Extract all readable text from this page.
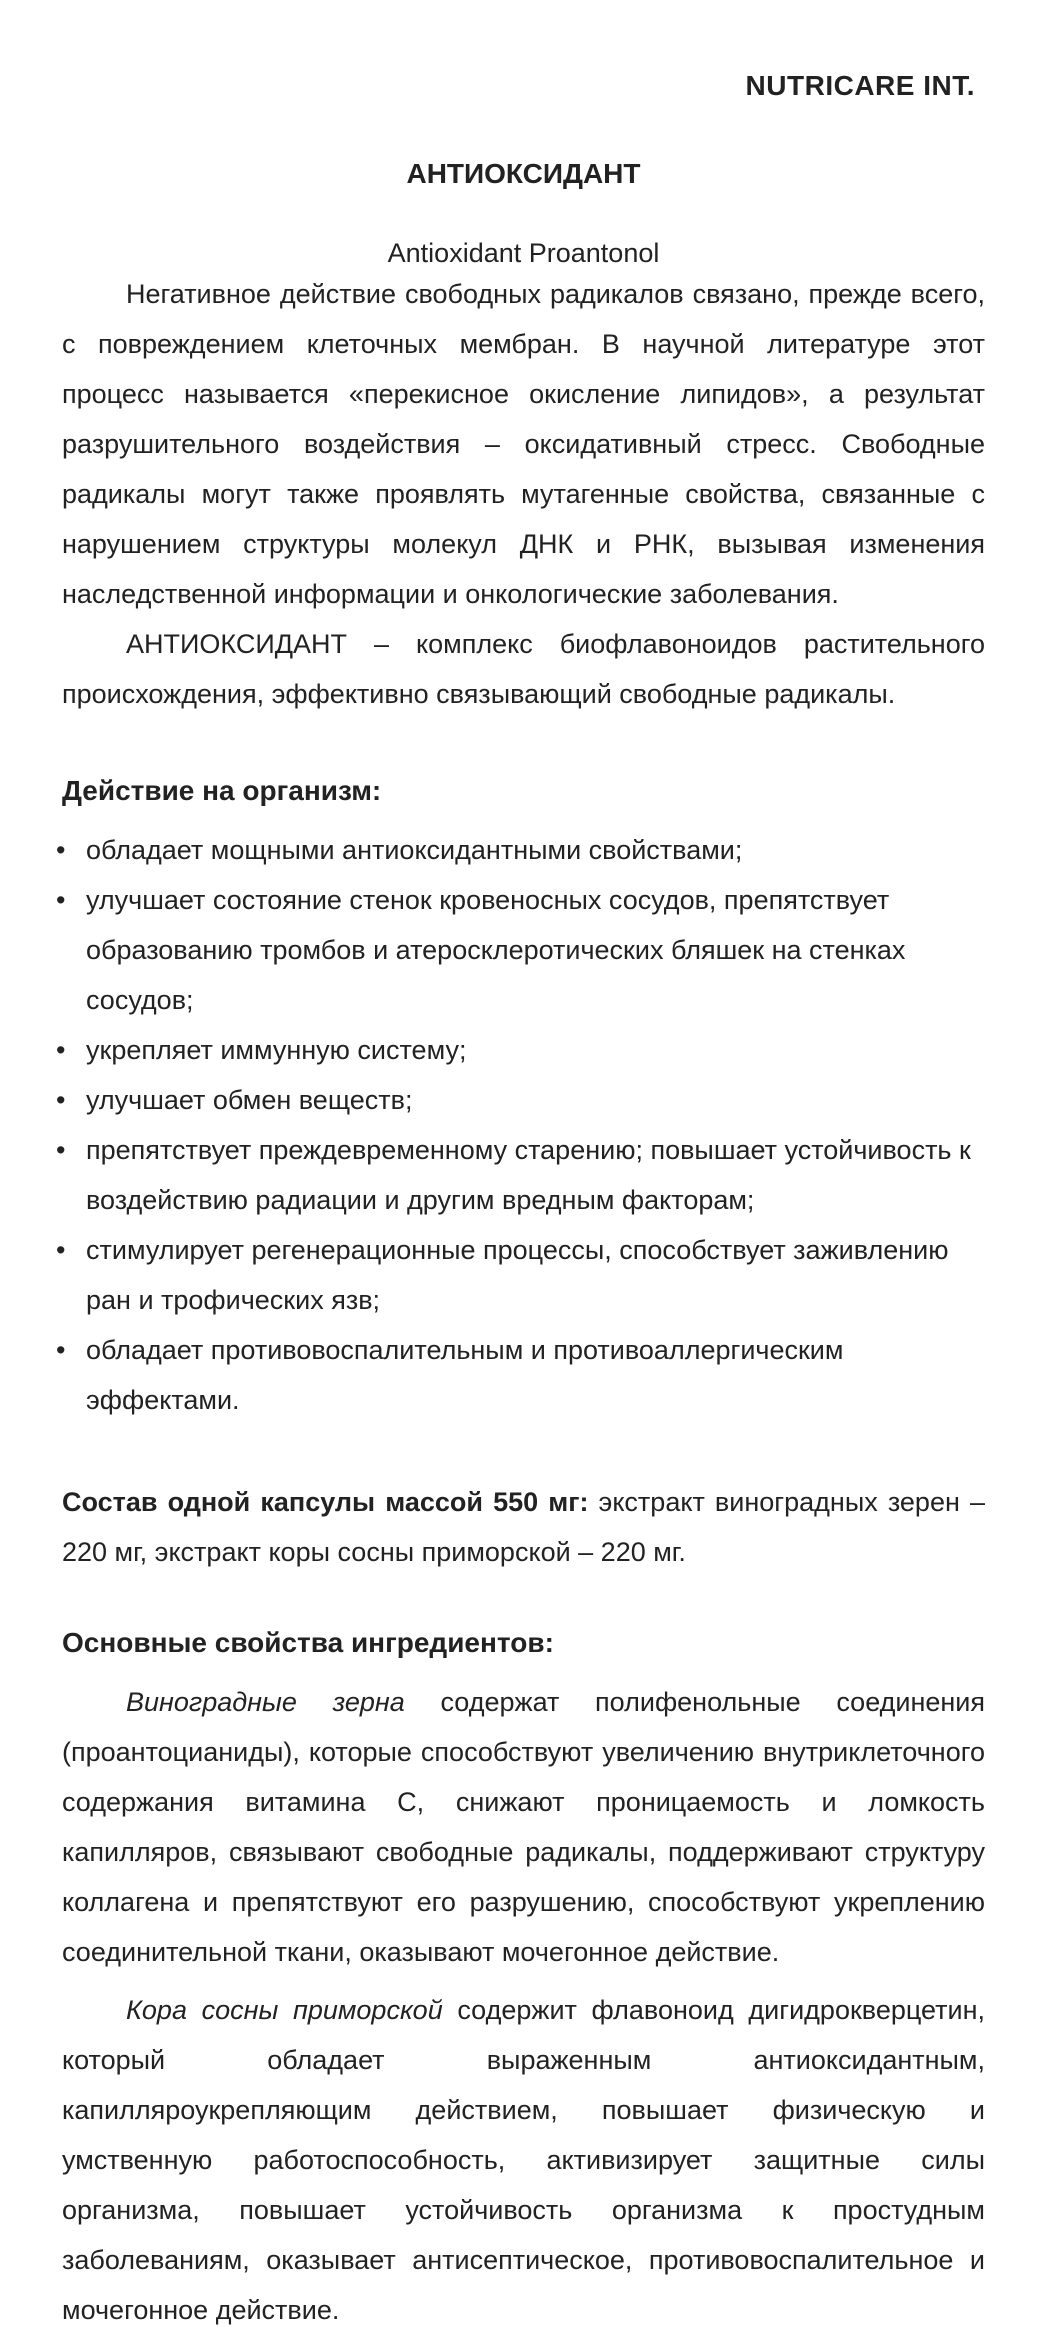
NUTRICARE INT.

АНТИОКСИДАНТ

Antioxidant Proantonol

Негативное действие свободных радикалов связано, прежде всего, с повреждением клеточных мембран. В научной литературе этот процесс называется «перекисное окисление липидов», а результат разрушительного воздействия – оксидативный стресс. Свободные радикалы могут также проявлять мутагенные свойства, связанные с нарушением структуры молекул ДНК и РНК, вызывая изменения наследственной информации и онкологические заболевания.

АНТИОКСИДАНТ – комплекс биофлавоноидов растительного происхождения, эффективно связывающий свободные радикалы.

Действие на организм:
• обладает мощными антиоксидантными свойствами;
• улучшает состояние стенок кровеносных сосудов, препятствует образованию тромбов и атеросклеротических бляшек на стенках сосудов;
• укрепляет иммунную систему;
• улучшает обмен веществ;
• препятствует преждевременному старению; повышает устойчивость к воздействию радиации и другим вредным факторам;
• стимулирует регенерационные процессы, способствует заживлению ран и трофических язв;
• обладает противовоспалительным и противоаллергическим эффектами.

Состав одной капсулы массой 550 мг: экстракт виноградных зерен – 220 мг, экстракт коры сосны приморской – 220 мг.

Основные свойства ингредиентов:

Виноградные зерна содержат полифенольные соединения (проантоцианиды), которые способствуют увеличению внутриклеточного содержания витамина С, снижают проницаемость и ломкость капилляров, связывают свободные радикалы, поддерживают структуру коллагена и препятствуют его разрушению, способствуют укреплению соединительной ткани, оказывают мочегонное действие.

Кора сосны приморской содержит флавоноид дигидрокверцетин, который обладает выраженным антиоксидантным, капилляроукрепляющим действием, повышает физическую и умственную работоспособность, активизирует защитные силы организма, повышает устойчивость организма к простудным заболеваниям, оказывает антисептическое, противовоспалительное и мочегонное действие.
